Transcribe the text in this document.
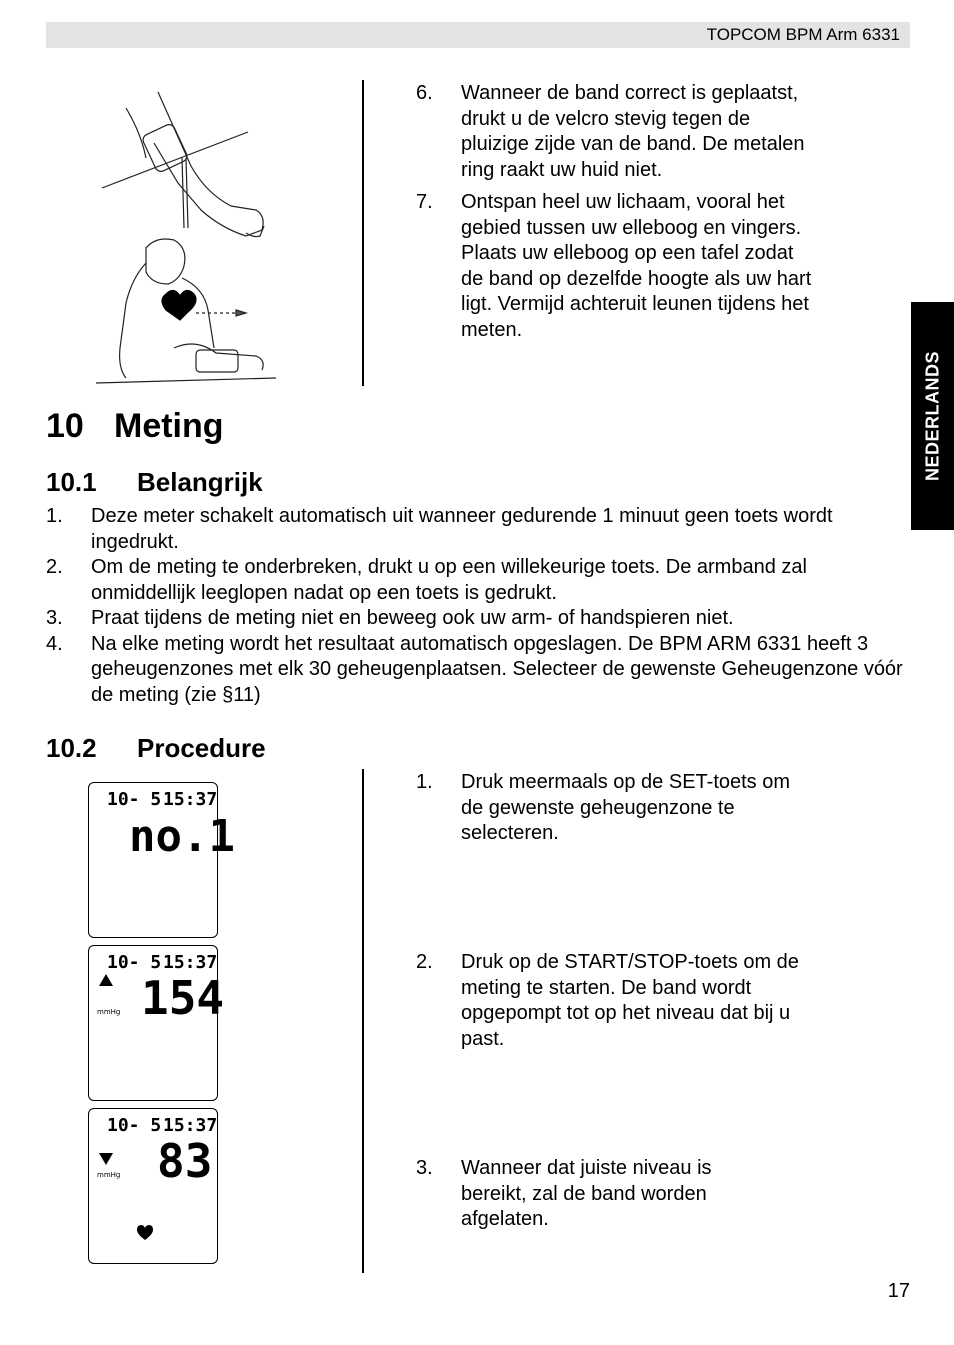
TOPCOM BPM Arm 6331
NEDERLANDS
6. Wanneer de band correct is geplaatst, drukt u de velcro stevig tegen de pluizige zijde van de band. De metalen ring raakt uw huid niet.
7. Ontspan heel uw lichaam, vooral het gebied tussen uw elleboog en vingers. Plaats uw elleboog op een tafel zodat de band op dezelfde hoogte als uw hart ligt. Vermijd achteruit leunen tijdens het meten.
10 Meting
10.1 Belangrijk
1. Deze meter schakelt automatisch uit wanneer gedurende 1 minuut geen toets wordt ingedrukt.
2. Om de meting te onderbreken, drukt u op een willekeurige toets. De armband zal onmiddellijk leeglopen nadat op een toets is gedrukt.
3. Praat tijdens de meting niet en beweeg ook uw arm- of handspieren niet.
4. Na elke meting wordt het resultaat automatisch opgeslagen. De BPM ARM 6331 heeft 3 geheugenzones met elk 30 geheugenplaatsen. Selecteer de gewenste Geheugenzone vóór de meting (zie §11)
10.2 Procedure
10- 5 15:37
no.1
10- 5 15:37
154
mmHg
10- 5 15:37
83
mmHg
1. Druk meermaals op de SET-toets om de gewenste geheugenzone te selecteren.
2. Druk op de START/STOP-toets om de meting te starten. De band wordt opgepompt tot op het niveau dat bij u past.
3. Wanneer dat juiste niveau is bereikt, zal de band worden afgelaten.
17
